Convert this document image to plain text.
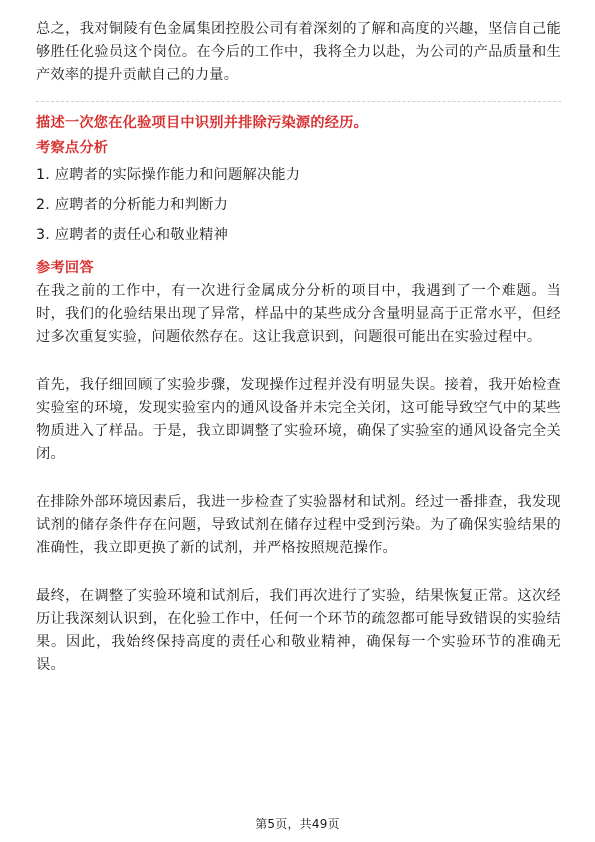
总之，我对铜陵有色金属集团控股公司有着深刻的了解和高度的兴趣，坚信自己能够胜任化验员这个岗位。在今后的工作中，我将全力以赴，为公司的产品质量和生产效率的提升贡献自己的力量。

描述一次您在化验项目中识别并排除污染源的经历。

考察点分析

1. 应聘者的实际操作能力和问题解决能力

2. 应聘者的分析能力和判断力

3. 应聘者的责任心和敬业精神

参考回答

在我之前的工作中，有一次进行金属成分分析的项目中，我遇到了一个难题。当时，我们的化验结果出现了异常，样品中的某些成分含量明显高于正常水平，但经过多次重复实验，问题依然存在。这让我意识到，问题很可能出在实验过程中。

首先，我仔细回顾了实验步骤，发现操作过程并没有明显失误。接着，我开始检查实验室的环境，发现实验室内的通风设备并未完全关闭，这可能导致空气中的某些物质进入了样品。于是，我立即调整了实验环境，确保了实验室的通风设备完全关闭。

在排除外部环境因素后，我进一步检查了实验器材和试剂。经过一番排查，我发现试剂的储存条件存在问题，导致试剂在储存过程中受到污染。为了确保实验结果的准确性，我立即更换了新的试剂，并严格按照规范操作。

最终，在调整了实验环境和试剂后，我们再次进行了实验，结果恢复正常。这次经历让我深刻认识到，在化验工作中，任何一个环节的疏忽都可能导致错误的实验结果。因此，我始终保持高度的责任心和敬业精神，确保每一个实验环节的准确无误。

第5页，共49页
